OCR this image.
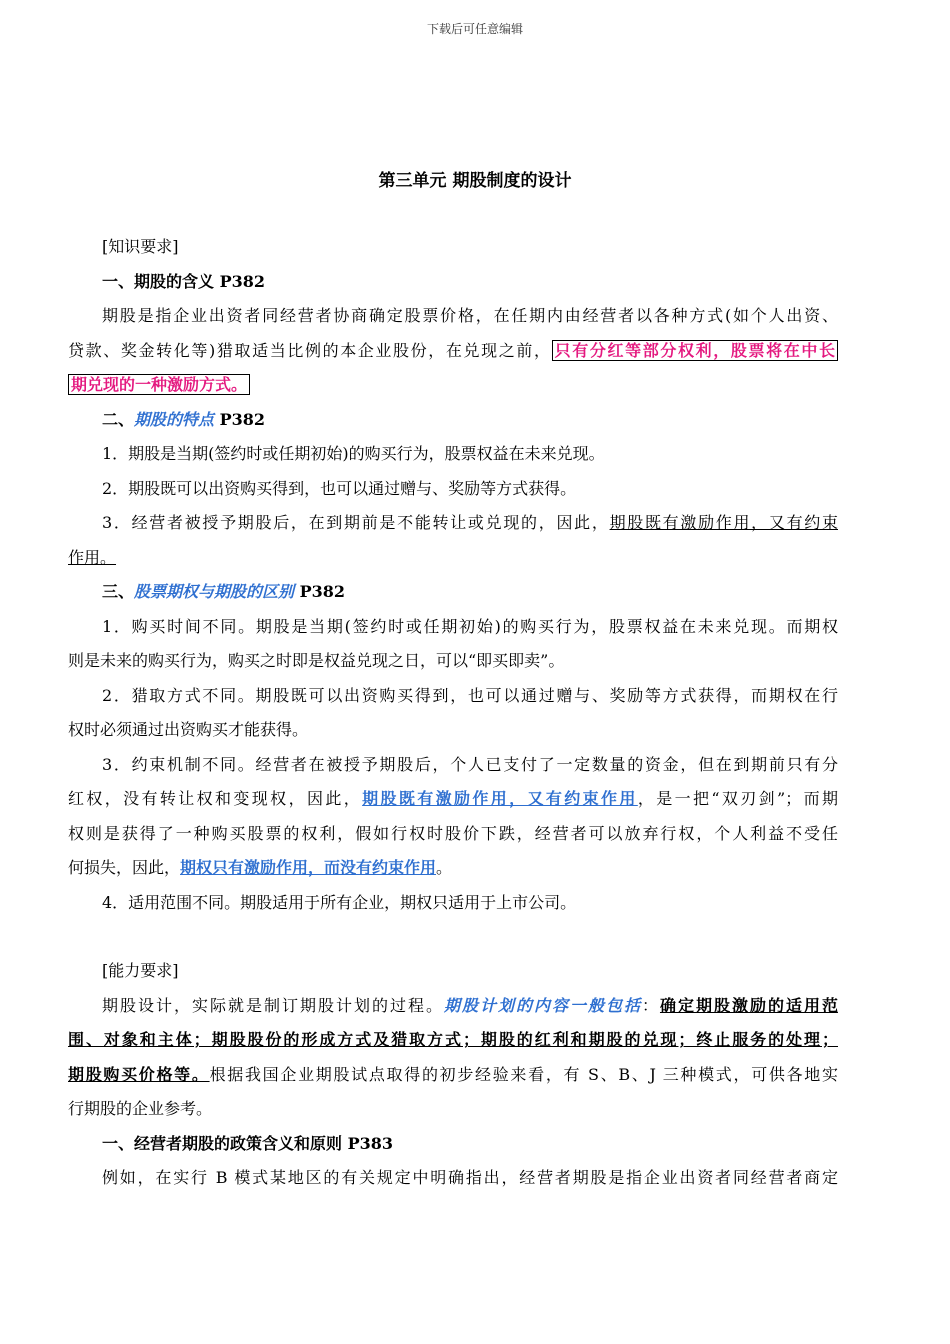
下载后可任意编辑
第三单元 期股制度的设计
[知识要求]
一、期股的含义 P382
期股是指企业出资者同经营者协商确定股票价格，在任期内由经营者以各种方式(如个人出资、
贷款、奖金转化等)猎取适当比例的本企业股份，在兑现之前， 只有分红等部分权利，股票将在中长
期兑现的一种激励方式。
二、期股的特点 P382
1．期股是当期(签约时或任期初始)的购买行为，股票权益在未来兑现。
2．期股既可以出资购买得到，也可以通过赠与、奖励等方式获得。
3．经营者被授予期股后，在到期前是不能转让或兑现的，因此，期股既有激励作用，又有约束
作用。
三、股票期权与期股的区别 P382
1．购买时间不同。期股是当期(签约时或任期初始)的购买行为，股票权益在未来兑现。而期权
则是未来的购买行为，购买之时即是权益兑现之日，可以“即买即卖”。
2．猎取方式不同。期股既可以出资购买得到，也可以通过赠与、奖励等方式获得，而期权在行
权时必须通过出资购买才能获得。
3．约束机制不同。经营者在被授予期股后，个人已支付了一定数量的资金，但在到期前只有分
红权，没有转让权和变现权，因此，期股既有激励作用，又有约束作用，是一把“双刃剑”；而期
权则是获得了一种购买股票的权利，假如行权时股价下跌，经营者可以放弃行权，个人利益不受任
何损失，因此，期权只有激励作用，而没有约束作用。
4．适用范围不同。期股适用于所有企业，期权只适用于上市公司。
[能力要求]
期股设计，实际就是制订期股计划的过程。期股计划的内容一般包括：确定期股激励的适用范
围、对象和主体；期股股份的形成方式及猎取方式；期股的红利和期股的兑现；终止服务的处理；
期股购买价格等。根据我国企业期股试点取得的初步经验来看，有 S、B、J 三种模式，可供各地实
行期股的企业参考。
一、经营者期股的政策含义和原则 P383
例如，在实行 B 模式某地区的有关规定中明确指出，经营者期股是指企业出资者同经营者商定
